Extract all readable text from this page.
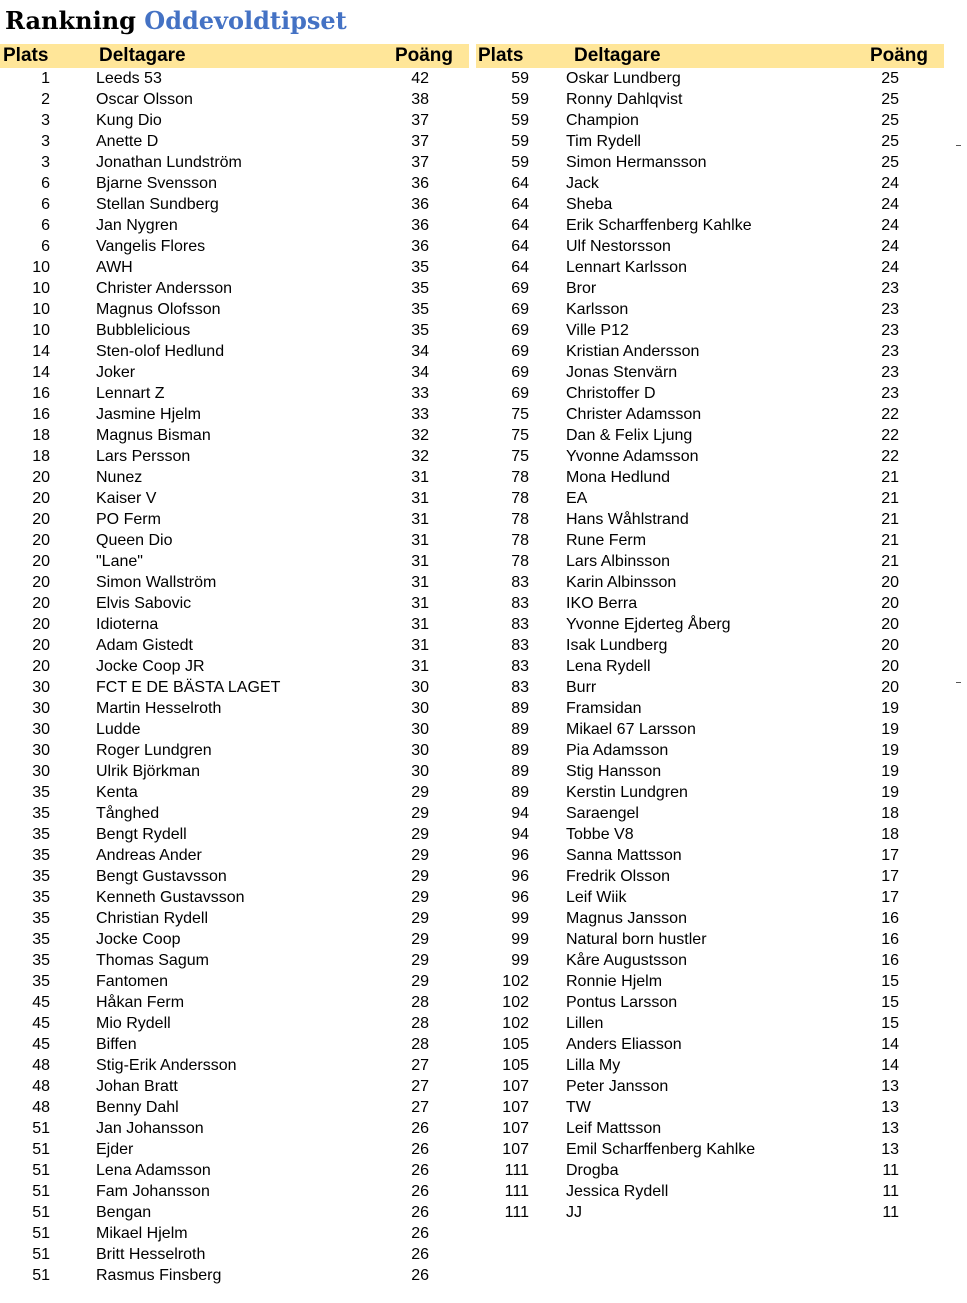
Rankning Oddevoldtipset
Plats	Deltagare	Poäng
1	Leeds 53	42
2	Oscar Olsson	38
3	Kung Dio	37
3	Anette D	37
3	Jonathan Lundström	37
6	Bjarne Svensson	36
6	Stellan Sundberg	36
6	Jan Nygren	36
6	Vangelis Flores	36
10	AWH	35
10	Christer Andersson	35
10	Magnus Olofsson	35
10	Bubblelicious	35
14	Sten-olof Hedlund	34
14	Joker	34
16	Lennart Z	33
16	Jasmine Hjelm	33
18	Magnus Bisman	32
18	Lars Persson	32
20	Nunez	31
20	Kaiser V	31
20	PO Ferm	31
20	Queen Dio	31
20	"Lane"	31
20	Simon Wallström	31
20	Elvis Sabovic	31
20	Idioterna	31
20	Adam Gistedt	31
20	Jocke Coop JR	31
30	FCT E DE BÄSTA LAGET	30
30	Martin Hesselroth	30
30	Ludde	30
30	Roger Lundgren	30
30	Ulrik Björkman	30
35	Kenta	29
35	Tånghed	29
35	Bengt Rydell	29
35	Andreas Ander	29
35	Bengt Gustavsson	29
35	Kenneth Gustavsson	29
35	Christian Rydell	29
35	Jocke Coop	29
35	Thomas Sagum	29
35	Fantomen	29
45	Håkan Ferm	28
45	Mio Rydell	28
45	Biffen	28
48	Stig-Erik Andersson	27
48	Johan Bratt	27
48	Benny Dahl	27
51	Jan Johansson	26
51	Ejder	26
51	Lena Adamsson	26
51	Fam Johansson	26
51	Bengan	26
51	Mikael Hjelm	26
51	Britt Hesselroth	26
51	Rasmus Finsberg	26
Plats	Deltagare	Poäng
59 Oskar Lundberg	25
59 Ronny Dahlqvist	25
59 Champion	25
59 Tim Rydell	25
59 Simon Hermansson	25
64 Jack	24
64 Sheba	24
64 Erik Scharffenberg Kahlke	24
64 Ulf Nestorsson	24
64 Lennart Karlsson	24
69 Bror	23
69 Karlsson	23
69 Ville P12	23
69 Kristian Andersson	23
69 Jonas Stenvärn	23
69 Christoffer D	23
75 Christer Adamsson	22
75 Dan & Felix Ljung	22
75 Yvonne Adamsson	22
78 Mona Hedlund	21
78 EA	21
78 Hans Wåhlstrand	21
78 Rune Ferm	21
78 Lars Albinsson	21
83 Karin Albinsson	20
83 IKO Berra	20
83 Yvonne Ejderteg Åberg	20
83 Isak Lundberg	20
83 Lena Rydell	20
83 Burr	20
89 Framsidan	19
89 Mikael 67 Larsson	19
89 Pia Adamsson	19
89 Stig Hansson	19
89 Kerstin Lundgren	19
94 Saraengel	18
94 Tobbe V8	18
96 Sanna Mattsson	17
96 Fredrik Olsson	17
96 Leif Wiik	17
99 Magnus Jansson	16
99 Natural born hustler	16
99 Kåre Augustsson	16
102 Ronnie Hjelm	15
102 Pontus Larsson	15
102 Lillen	15
105 Anders Eliasson	14
105 Lilla My	14
107 Peter Jansson	13
107 TW	13
107 Leif Mattsson	13
107 Emil Scharffenberg Kahlke	13
111 Drogba	11
111 Jessica Rydell	11
111 JJ	11
